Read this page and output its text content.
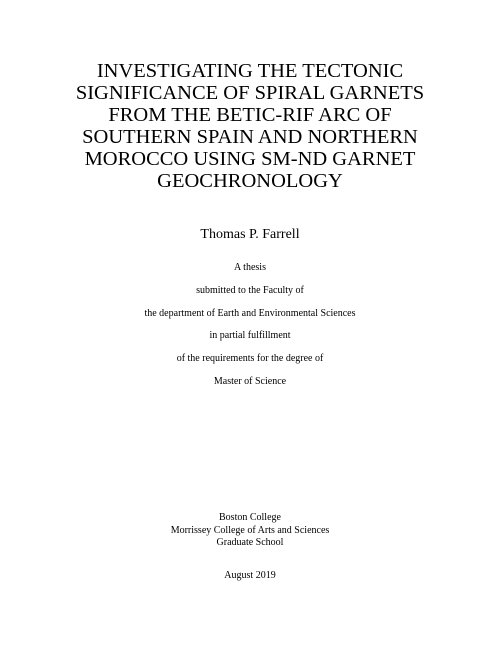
INVESTIGATING THE TECTONIC
SIGNIFICANCE OF SPIRAL GARNETS
FROM THE BETIC-RIF ARC OF
SOUTHERN SPAIN AND NORTHERN
MOROCCO USING SM-ND GARNET
GEOCHRONOLOGY
Thomas P. Farrell
A thesis
submitted to the Faculty of
the department of Earth and Environmental Sciences
in partial fulfillment
of the requirements for the degree of
Master of Science
Boston College
Morrissey College of Arts and Sciences
Graduate School
August 2019
